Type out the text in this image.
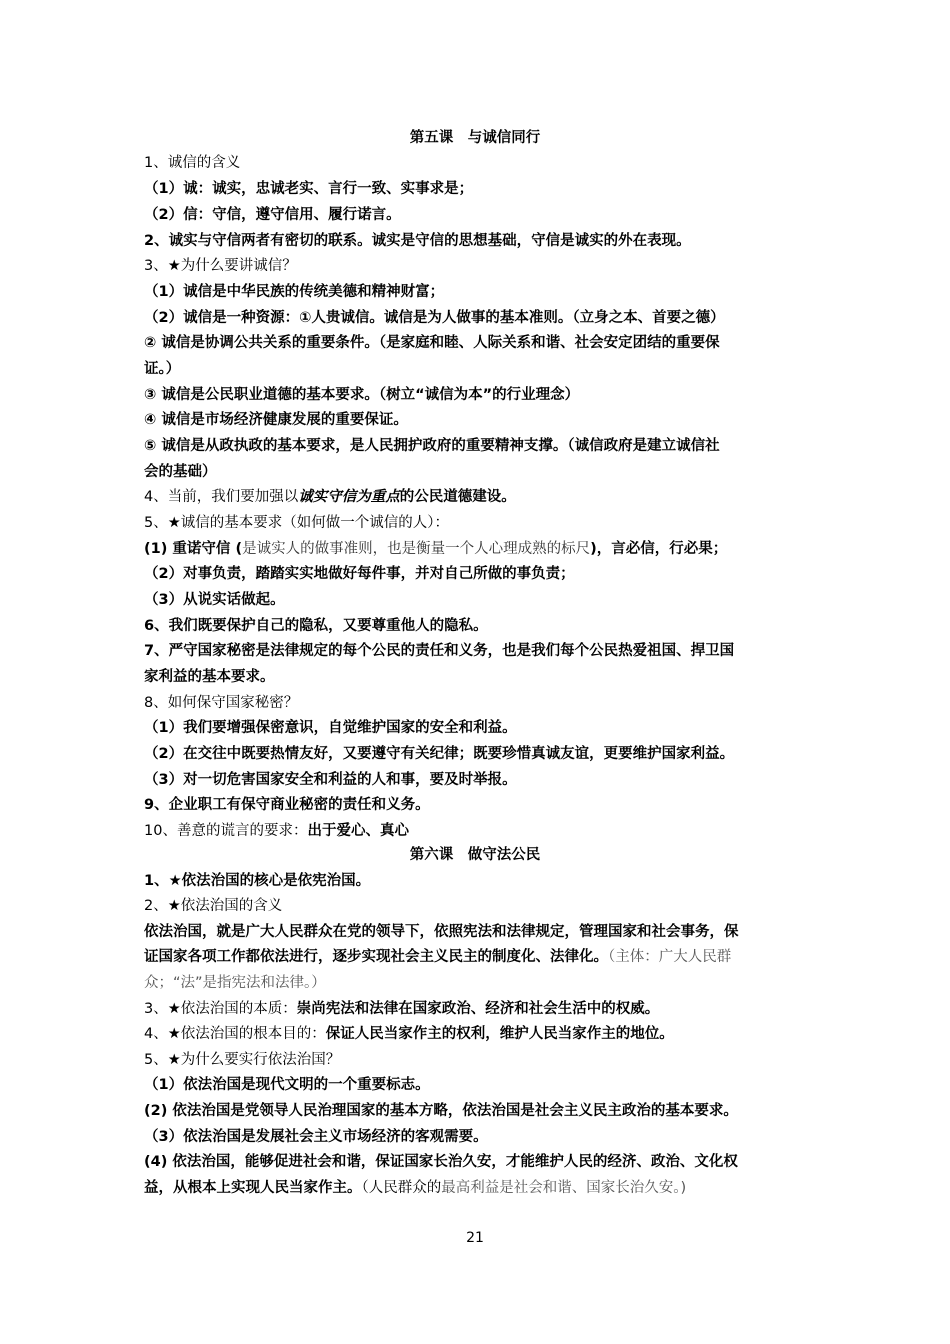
第五课　与诚信同行
1、诚信的含义
（1）诚：诚实，忠诚老实、言行一致、实事求是；
（2）信：守信，遵守信用、履行诺言。
2、诚实与守信两者有密切的联系。诚实是守信的思想基础，守信是诚实的外在表现。
3、★为什么要讲诚信？
（1）诚信是中华民族的传统美德和精神财富；
（2）诚信是一种资源：①人贵诚信。诚信是为人做事的基本准则。（立身之本、首要之德）
② 诚信是协调公共关系的重要条件。（是家庭和睦、人际关系和谐、社会安定团结的重要保
证。）
③ 诚信是公民职业道德的基本要求。（树立“诚信为本”的行业理念）
④ 诚信是市场经济健康发展的重要保证。
⑤ 诚信是从政执政的基本要求，是人民拥护政府的重要精神支撑。（诚信政府是建立诚信社
会的基础）
4、当前，我们要加强以诚实守信为重点的公民道德建设。
5、★诚信的基本要求（如何做一个诚信的人）：
(1) 重诺守信 (是诚实人的做事准则，也是衡量一个人心理成熟的标尺)，言必信，行必果；
（2）对事负责，踏踏实实地做好每件事，并对自己所做的事负责；
（3）从说实话做起。
6、我们既要保护自己的隐私，又要尊重他人的隐私。
7、严守国家秘密是法律规定的每个公民的责任和义务，也是我们每个公民热爱祖国、捍卫国
家利益的基本要求。
8、如何保守国家秘密？
（1）我们要增强保密意识，自觉维护国家的安全和利益。
（2）在交往中既要热情友好，又要遵守有关纪律；既要珍惜真诚友谊，更要维护国家利益。
（3）对一切危害国家安全和利益的人和事，要及时举报。
9、企业职工有保守商业秘密的责任和义务。
10、善意的谎言的要求：出于爱心、真心
第六课　做守法公民
1、★依法治国的核心是依宪治国。
2、★依法治国的含义
依法治国，就是广大人民群众在党的领导下，依照宪法和法律规定，管理国家和社会事务，保
证国家各项工作都依法进行，逐步实现社会主义民主的制度化、法律化。（主体：广大人民群
众；“法”是指宪法和法律。）
3、★依法治国的本质：崇尚宪法和法律在国家政治、经济和社会生活中的权威。
4、★依法治国的根本目的：保证人民当家作主的权利，维护人民当家作主的地位。
5、★为什么要实行依法治国？
（1）依法治国是现代文明的一个重要标志。
(2) 依法治国是党领导人民治理国家的基本方略，依法治国是社会主义民主政治的基本要求。
（3）依法治国是发展社会主义市场经济的客观需要。
(4) 依法治国，能够促进社会和谐，保证国家长治久安，才能维护人民的经济、政治、文化权
益，从根本上实现人民当家作主。（人民群众的最高利益是社会和谐、国家长治久安。)
21
